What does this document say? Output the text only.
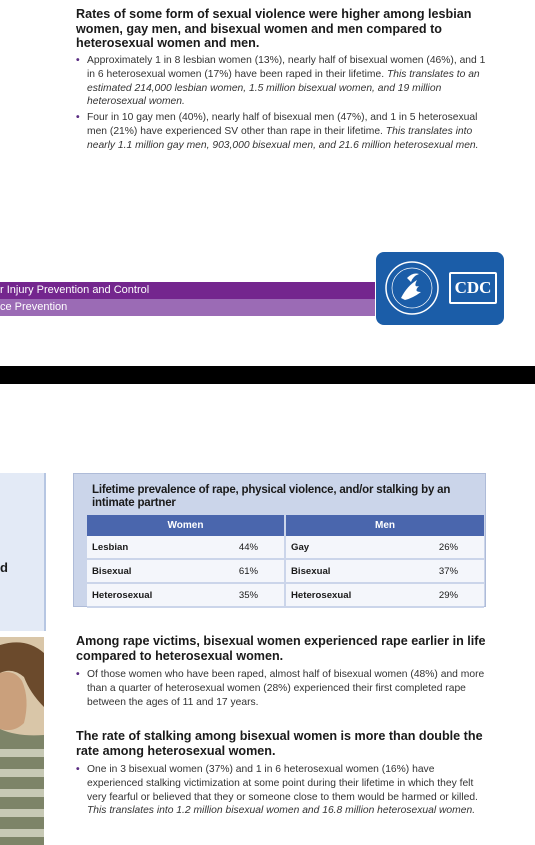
Rates of some form of sexual violence were higher among lesbian women, gay men, and bisexual women and men compared to heterosexual women and men.

• Approximately 1 in 8 lesbian women (13%), nearly half of bisexual women (46%), and 1 in 6 heterosexual women (17%) have been raped in their lifetime. This translates to an estimated 214,000 lesbian women, 1.5 million bisexual women, and 19 million heterosexual women.
• Four in 10 gay men (40%), nearly half of bisexual men (47%), and 1 in 5 heterosexual men (21%) have experienced SV other than rape in their lifetime. This translates into nearly 1.1 million gay men, 903,000 bisexual men, and 21.6 million heterosexual men.
r Injury Prevention and Control
ce Prevention
CDC
d
Lifetime prevalence of rape, physical violence, and/or stalking by an intimate partner
Women		Men	
Lesbian	44%	Gay	26%
Bisexual	61%	Bisexual	37%
Heterosexual	35%	Heterosexual	29%

Among rape victims, bisexual women experienced rape earlier in life compared to heterosexual women.

• Of those women who have been raped, almost half of bisexual women (48%) and more than a quarter of heterosexual women (28%) experienced their first completed rape between the ages of 11 and 17 years.

The rate of stalking among bisexual women is more than double the rate among heterosexual women.

• One in 3 bisexual women (37%) and 1 in 6 heterosexual women (16%) have experienced stalking victimization at some point during their lifetime in which they felt very fearful or believed that they or someone close to them would be harmed or killed. This translates into 1.2 million bisexual women and 16.8 million heterosexual women.
